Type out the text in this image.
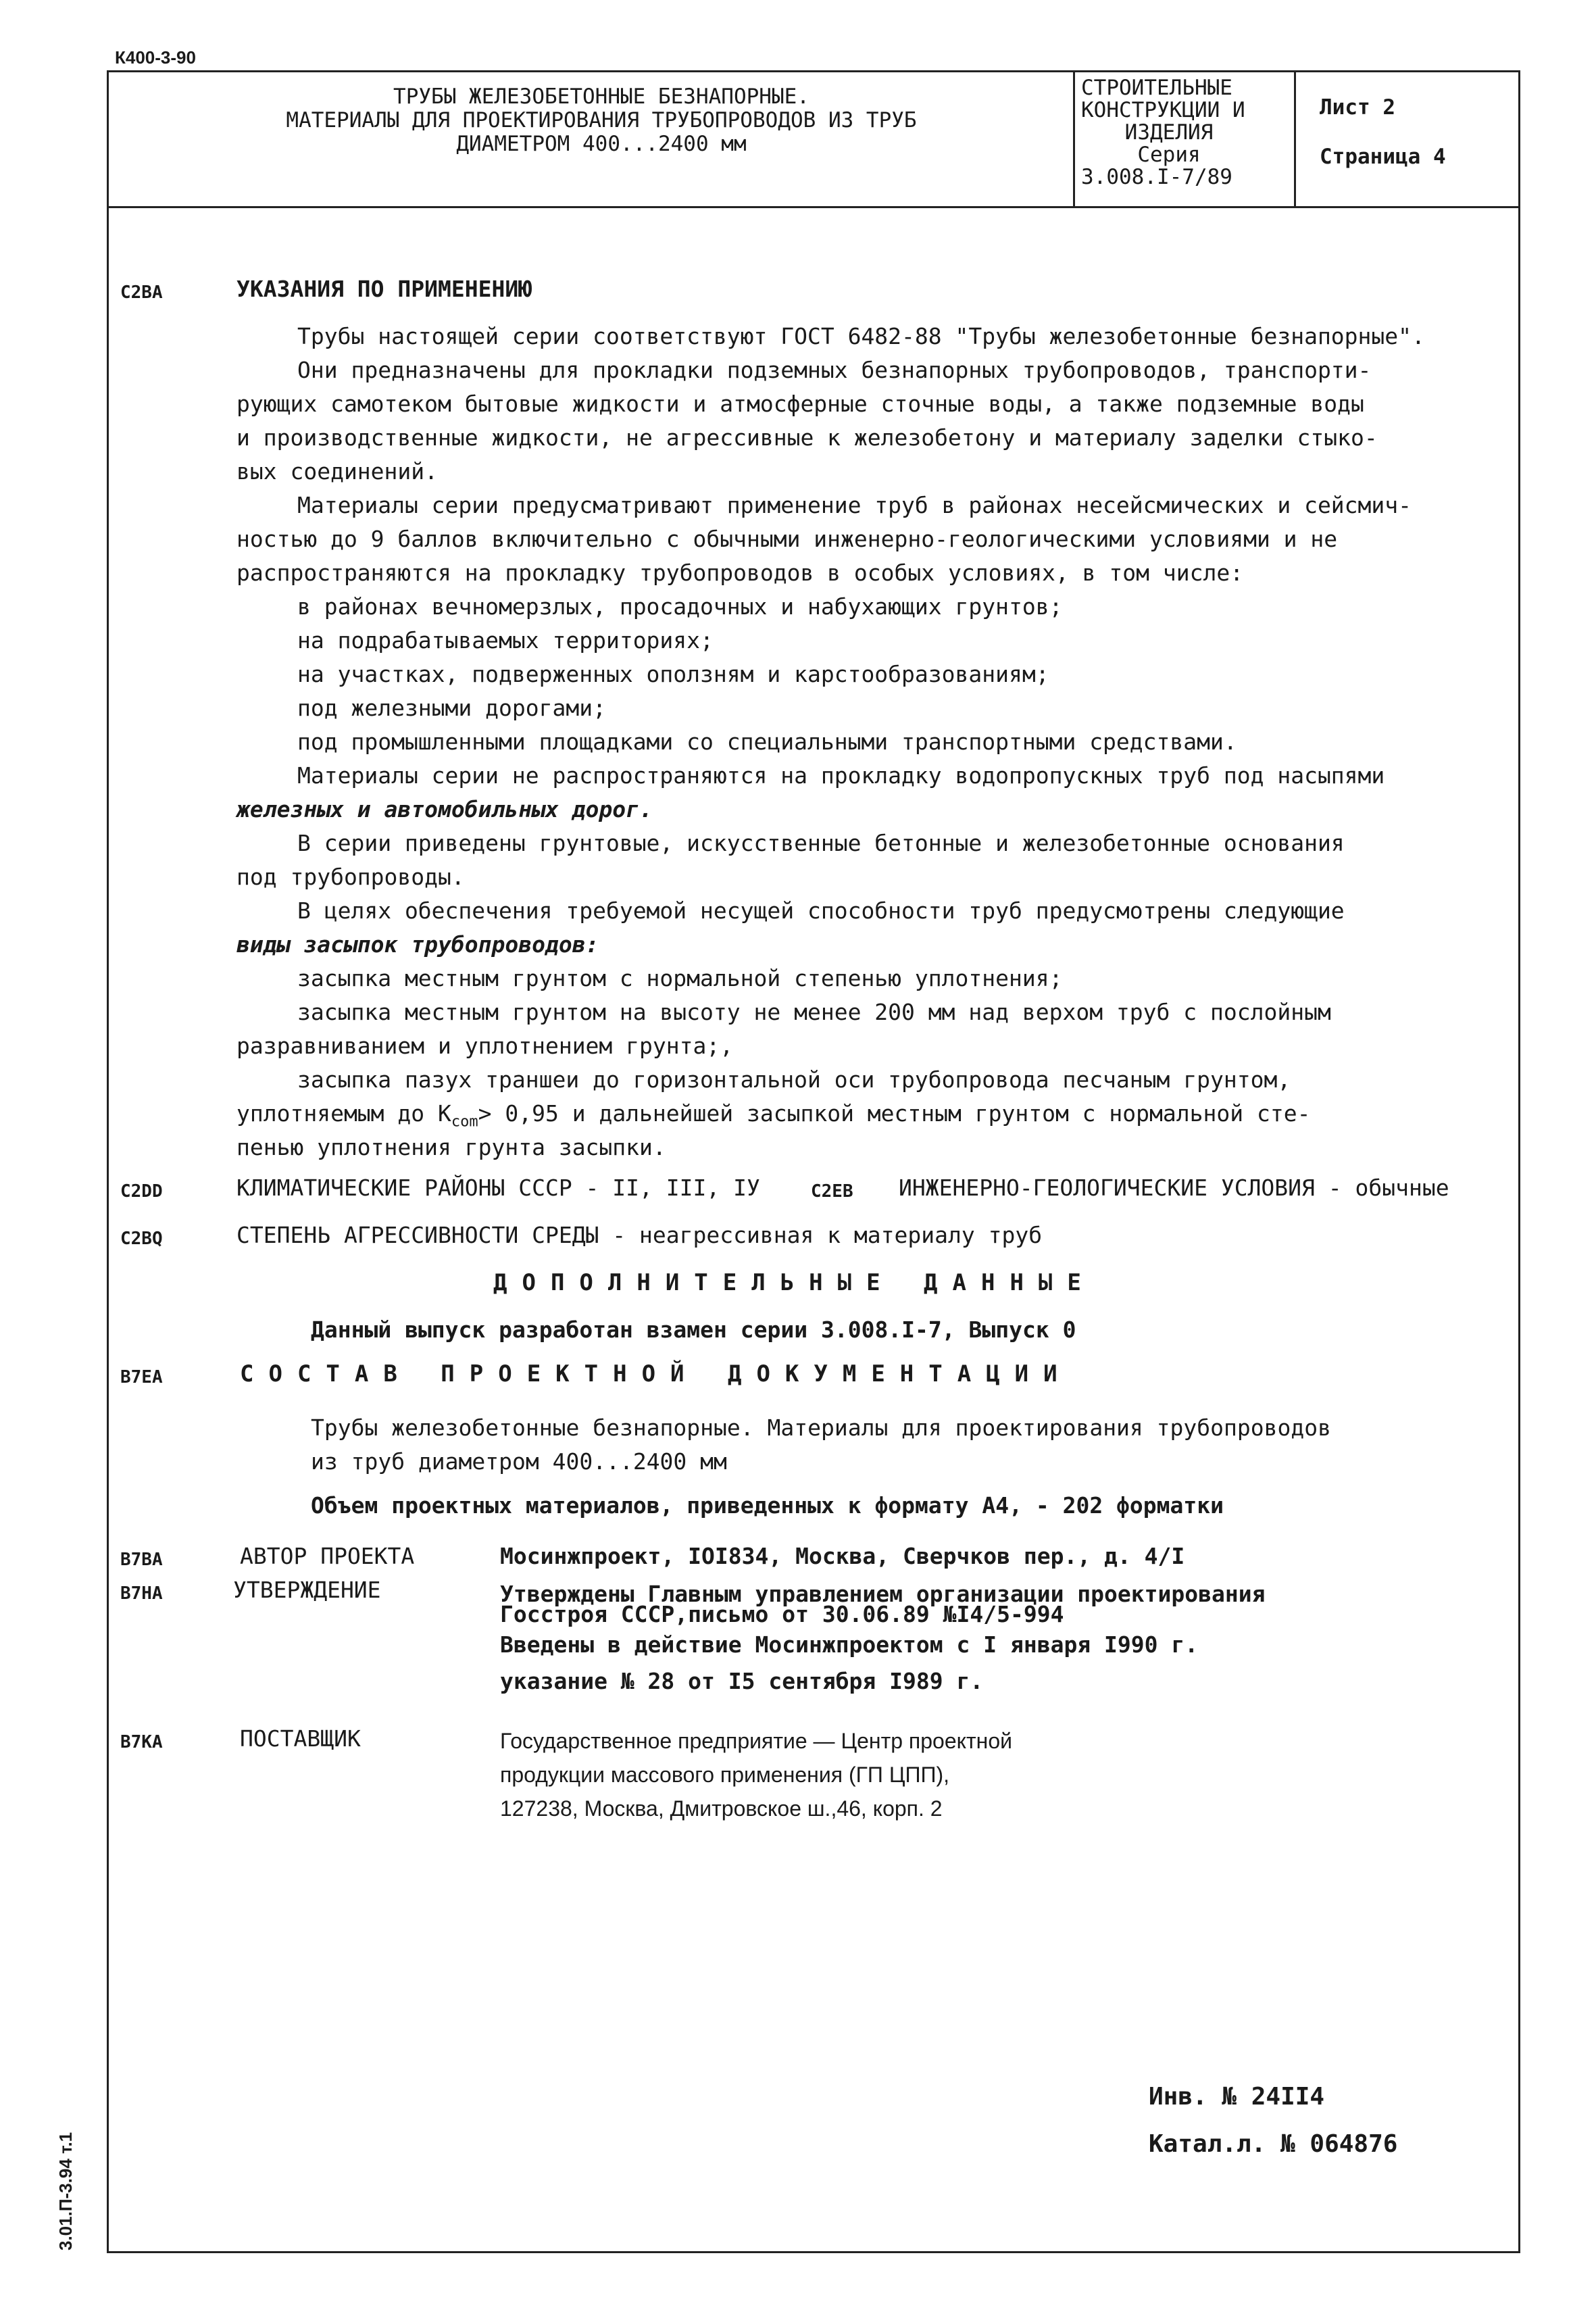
К400-3-90
ТРУБЫ ЖЕЛЕЗОБЕТОННЫЕ БЕЗНАПОРНЫЕ.
МАТЕРИАЛЫ ДЛЯ ПРОЕКТИРОВАНИЯ ТРУБОПРОВОДОВ ИЗ ТРУБ
ДИАМЕТРОМ 400...2400 мм
СТРОИТЕЛЬНЫЕ
КОНСТРУКЦИИ И
ИЗДЕЛИЯ
Серия
3.008.I-7/89
Лист 2
Страница 4
C2BA	УКАЗАНИЯ ПО ПРИМЕНЕНИЮ
Трубы настоящей серии соответствуют ГОСТ 6482-88 "Трубы железобетонные безнапорные".
Они предназначены для прокладки подземных безнапорных трубопроводов, транспорти-
рующих самотеком бытовые жидкости и атмосферные сточные воды, а также подземные воды
и производственные жидкости, не агрессивные к железобетону и материалу заделки стыко-
вых соединений.
Материалы серии предусматривают применение труб в районах несейсмических и сейсмич-
ностью до 9 баллов включительно с обычными инженерно-геологическими условиями и не
распространяются на прокладку трубопроводов в особых условиях, в том числе:
в районах вечномерзлых, просадочных и набухающих грунтов;
на подрабатываемых территориях;
на участках, подверженных оползням и карстообразованиям;
под железными дорогами;
под промышленными площадками со специальными транспортными средствами.
Материалы серии не распространяются на прокладку водопропускных труб под насыпями
железных и автомобильных дорог.
В серии приведены грунтовые, искусственные бетонные и железобетонные основания
под трубопроводы.
В целях обеспечения требуемой несущей способности труб предусмотрены следующие
виды засыпок трубопроводов:
засыпка местным грунтом с нормальной степенью уплотнения;
засыпка местным грунтом на высоту не менее 200 мм над верхом труб с послойным
разравниванием и уплотнением грунта;,
засыпка пазух траншеи до горизонтальной оси трубопровода песчаным грунтом,
уплотняемым до $K_{com}> 0,95$ и дальнейшей засыпкой местным грунтом с нормальной сте-
пенью уплотнения грунта засыпки.
C2DD	КЛИМАТИЧЕСКИЕ РАЙОНЫ СССР - II, III, IУ	C2EB ИНЖЕНЕРНО-ГЕОЛОГИЧЕСКИЕ УСЛОВИЯ - обычные
C2BQ	СТЕПЕНЬ АГРЕССИВНОСТИ СРЕДЫ - неагрессивная к материалу труб
ДОПОЛНИТЕЛЬНЫЕ ДАННЫЕ
Данный выпуск разработан взамен серии 3.008.I-7, Выпуск 0
B7EA	СОСТАВ ПРОЕКТНОЙ ДОКУМЕНТАЦИИ
Трубы железобетонные безнапорные. Материалы для проектирования трубопроводов
из труб диаметром 400...2400 мм
Объем проектных материалов, приведенных к формату А4, - 202 форматки
B7BA	АВТОР ПРОЕКТА	Мосинжпроект, IOI834, Москва, Сверчков пер., д. 4/I
B7HA	УТВЕРЖДЕНИЕ	Утверждены Главным управлением организации проектирования
Госстроя СССР,письмо от 30.06.89 №I4/5-994
Введены в действие Мосинжпроектом с I января I990 г.
указание № 28 от I5 сентября I989 г.
B7KA	ПОСТАВЩИК	Государственное предприятие — Центр проектной
продукции массового применения (ГП ЦПП),
127238, Москва, Дмитровское ш.,46, корп. 2
Инв. № 24II4
Катал.л. № 064876
3.01.П-3.94 т.1
